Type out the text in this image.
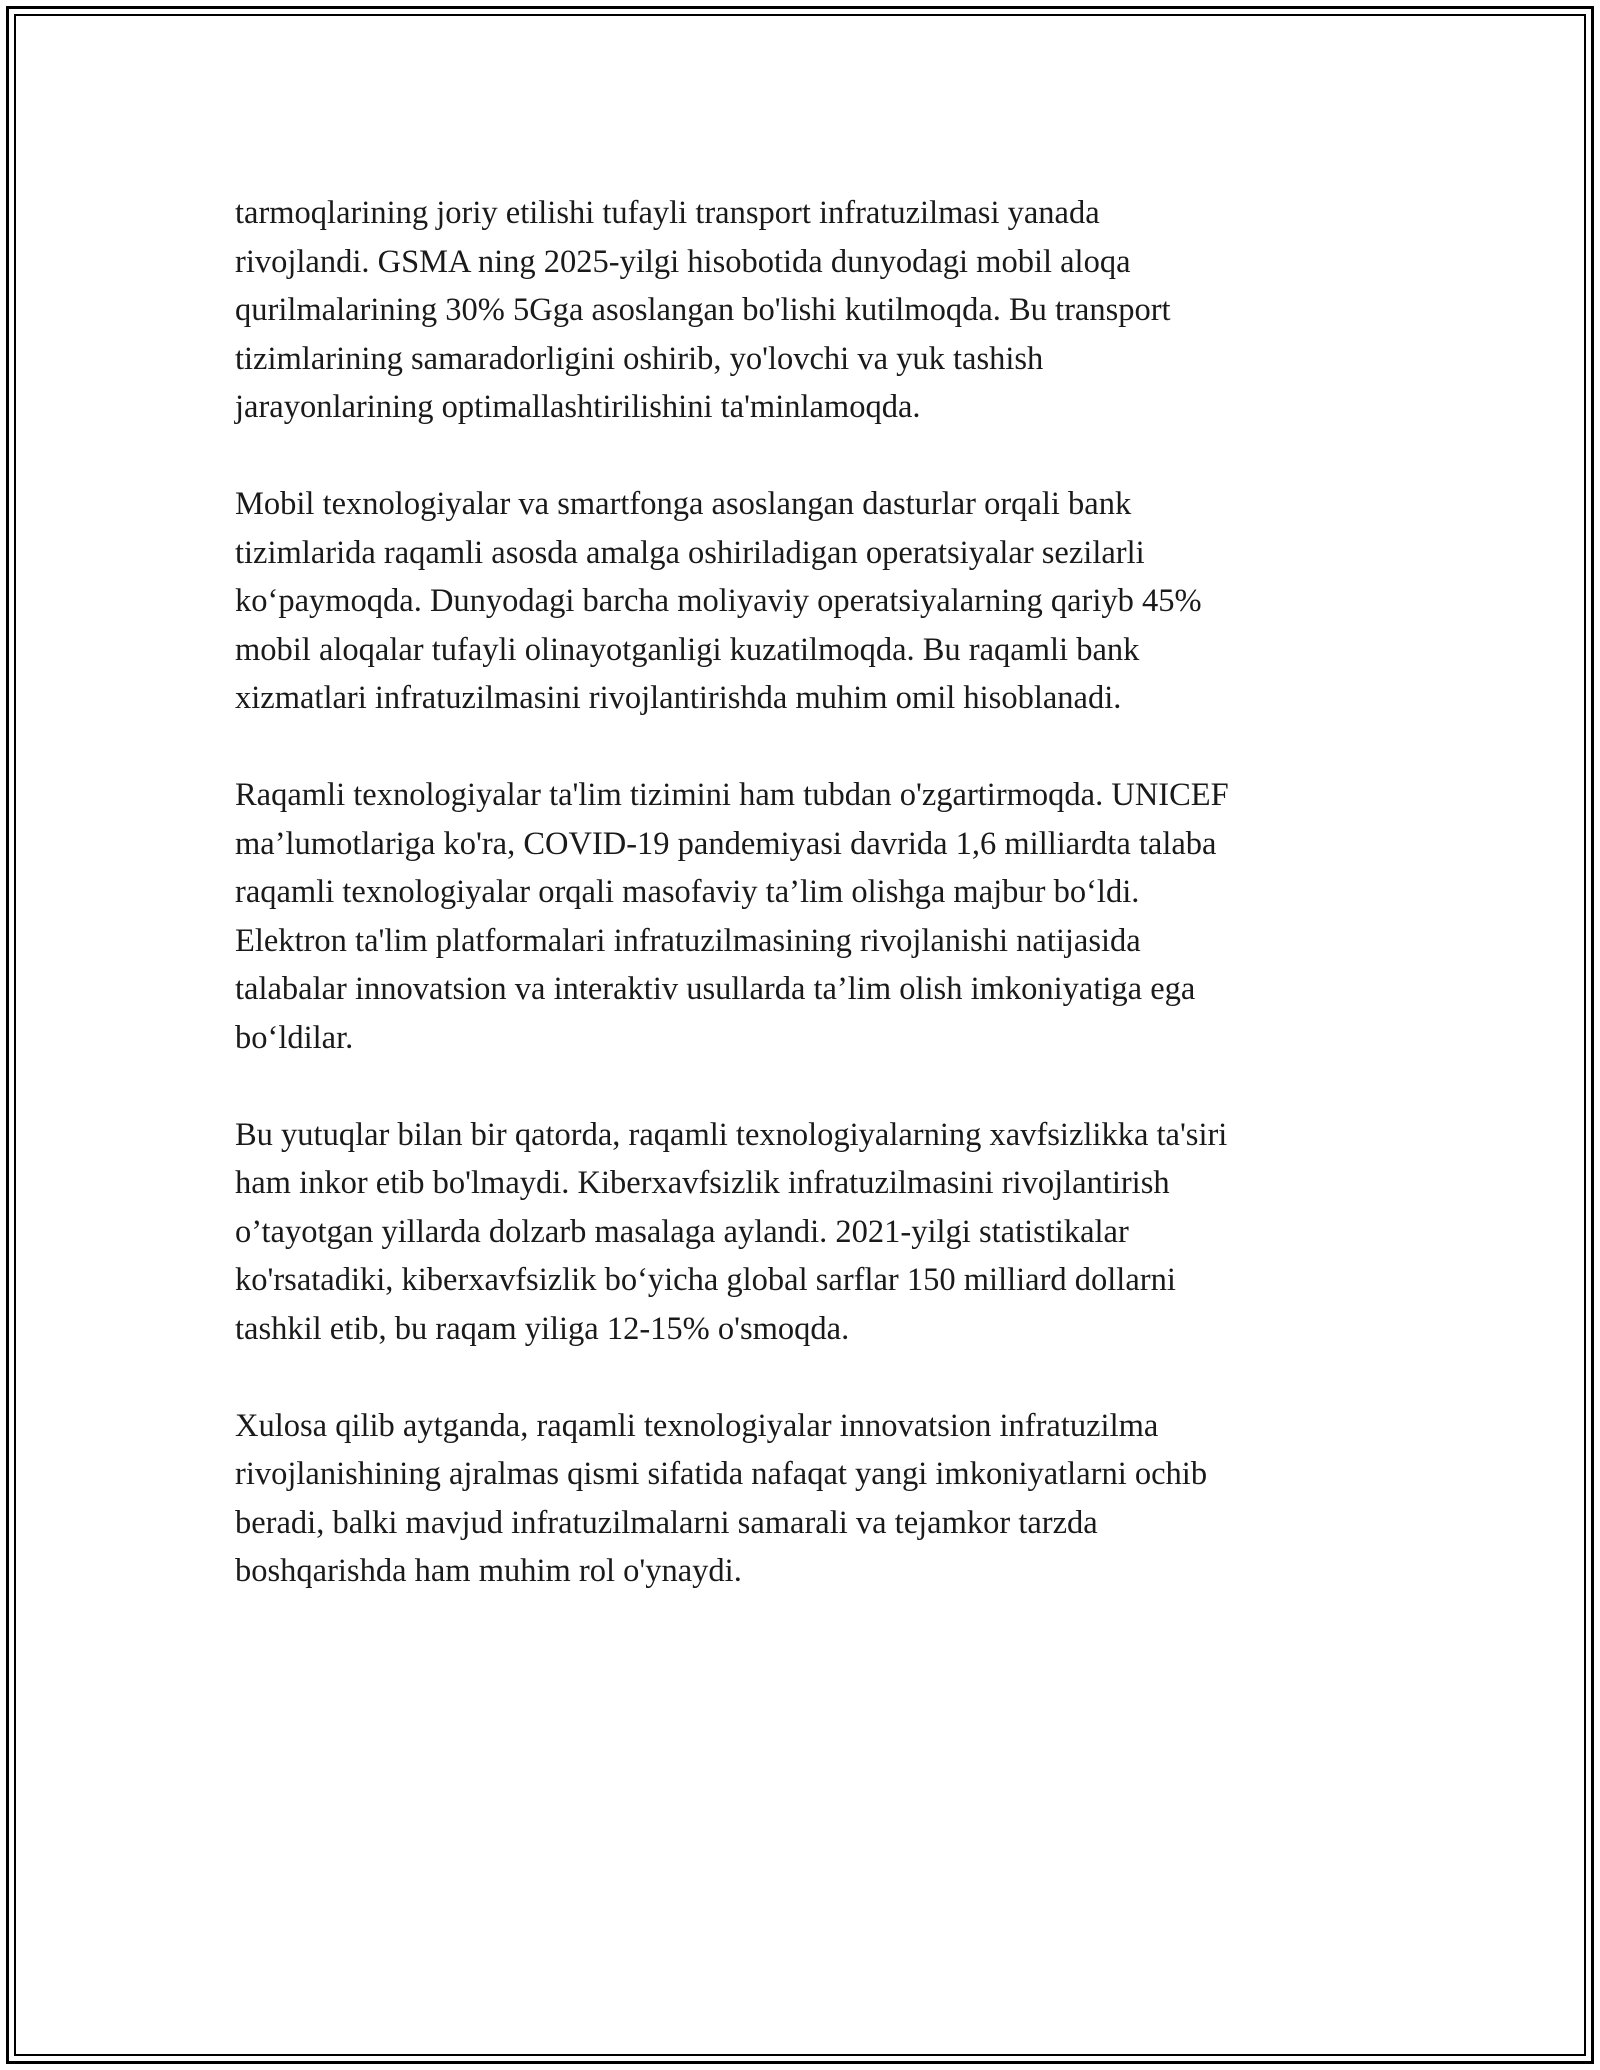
tarmoqlarining joriy etilishi tufayli transport infratuzilmasi yanada
rivojlandi. GSMA ning 2025-yilgi hisobotida dunyodagi mobil aloqa
qurilmalarining 30% 5Gga asoslangan bo'lishi kutilmoqda. Bu transport
tizimlarining samaradorligini oshirib, yo'lovchi va yuk tashish
jarayonlarining optimallashtirilishini ta'minlamoqda.

Mobil texnologiyalar va smartfonga asoslangan dasturlar orqali bank
tizimlarida raqamli asosda amalga oshiriladigan operatsiyalar sezilarli
ko‘paymoqda. Dunyodagi barcha moliyaviy operatsiyalarning qariyb 45%
mobil aloqalar tufayli olinayotganligi kuzatilmoqda. Bu raqamli bank
xizmatlari infratuzilmasini rivojlantirishda muhim omil hisoblanadi.

Raqamli texnologiyalar ta'lim tizimini ham tubdan o'zgartirmoqda. UNICEF
ma’lumotlariga ko'ra, COVID-19 pandemiyasi davrida 1,6 milliardta talaba
raqamli texnologiyalar orqali masofaviy ta’lim olishga majbur bo‘ldi.
Elektron ta'lim platformalari infratuzilmasining rivojlanishi natijasida
talabalar innovatsion va interaktiv usullarda ta’lim olish imkoniyatiga ega
bo‘ldilar.

Bu yutuqlar bilan bir qatorda, raqamli texnologiyalarning xavfsizlikka ta'siri
ham inkor etib bo'lmaydi. Kiberxavfsizlik infratuzilmasini rivojlantirish
o’tayotgan yillarda dolzarb masalaga aylandi. 2021-yilgi statistikalar
ko'rsatadiki, kiberxavfsizlik bo‘yicha global sarflar 150 milliard dollarni
tashkil etib, bu raqam yiliga 12-15% o'smoqda.

Xulosa qilib aytganda, raqamli texnologiyalar innovatsion infratuzilma
rivojlanishining ajralmas qismi sifatida nafaqat yangi imkoniyatlarni ochib
beradi, balki mavjud infratuzilmalarni samarali va tejamkor tarzda
boshqarishda ham muhim rol o'ynaydi.
